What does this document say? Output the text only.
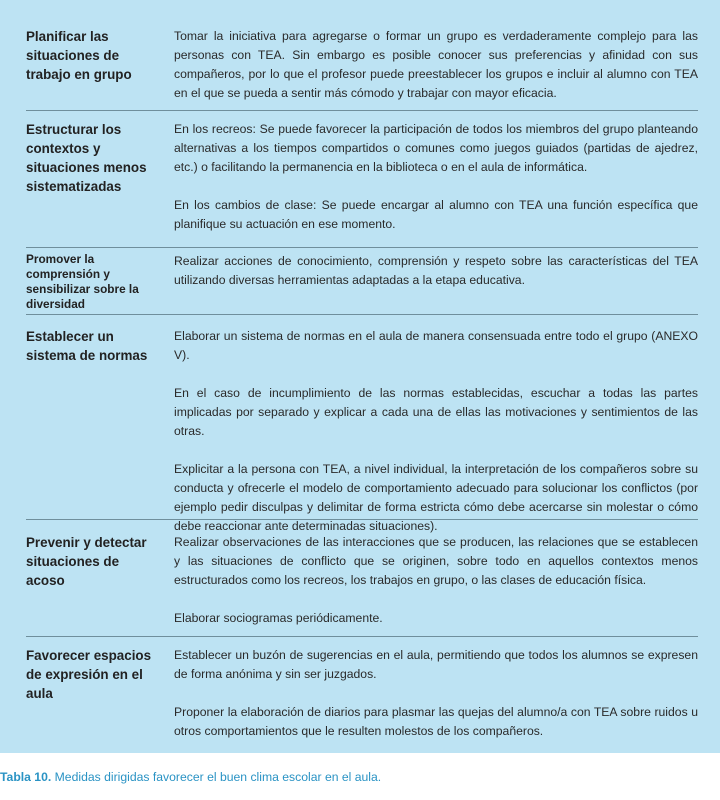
Planificar las situaciones de trabajo en grupo

Tomar la iniciativa para agregarse o formar un grupo es verdaderamente complejo para las personas con TEA. Sin embargo es posible conocer sus preferencias y afinidad con sus compañeros, por lo que el profesor puede preestablecer los grupos e incluir al alumno con TEA en el que se pueda a sentir más cómodo y trabajar con mayor eficacia.

Estructurar los contextos y situaciones menos sistematizadas

En los recreos: Se puede favorecer la participación de todos los miembros del grupo planteando alternativas a los tiempos compartidos o comunes como juegos guiados (partidas de ajedrez, etc.) o facilitando la permanencia en la biblioteca o en el aula de informática.

En los cambios de clase: Se puede encargar al alumno con TEA una función específica que planifique su actuación en ese momento.

Promover la comprensión y sensibilizar sobre la diversidad

Realizar acciones de conocimiento, comprensión y respeto sobre las características del TEA utilizando diversas herramientas adaptadas a la etapa educativa.

Establecer un sistema de normas

Elaborar un sistema de normas en el aula de manera consensuada entre todo el grupo (ANEXO V).

En el caso de incumplimiento de las normas establecidas, escuchar a todas las partes implicadas por separado y explicar a cada una de ellas las motivaciones y sentimientos de las otras.

Explicitar a la persona con TEA, a nivel individual, la interpretación de los compañeros sobre su conducta y ofrecerle el modelo de comportamiento adecuado para solucionar los conflictos (por ejemplo pedir disculpas y delimitar de forma estricta cómo debe acercarse sin molestar o cómo debe reaccionar ante determinadas situaciones).

Prevenir y detectar situaciones de acoso

Realizar observaciones de las interacciones que se producen, las relaciones que se establecen y las situaciones de conflicto que se originen, sobre todo en aquellos contextos menos estructurados como los recreos, los trabajos en grupo, o las clases de educación física.

Elaborar sociogramas periódicamente.

Favorecer espacios de expresión en el aula

Establecer un buzón de sugerencias en el aula, permitiendo que todos los alumnos se expresen de forma anónima y sin ser juzgados.

Proponer la elaboración de diarios para plasmar las quejas del alumno/a con TEA sobre ruidos u otros comportamientos que le resulten molestos de los compañeros.

Tabla 10. Medidas dirigidas favorecer el buen clima escolar en el aula.
